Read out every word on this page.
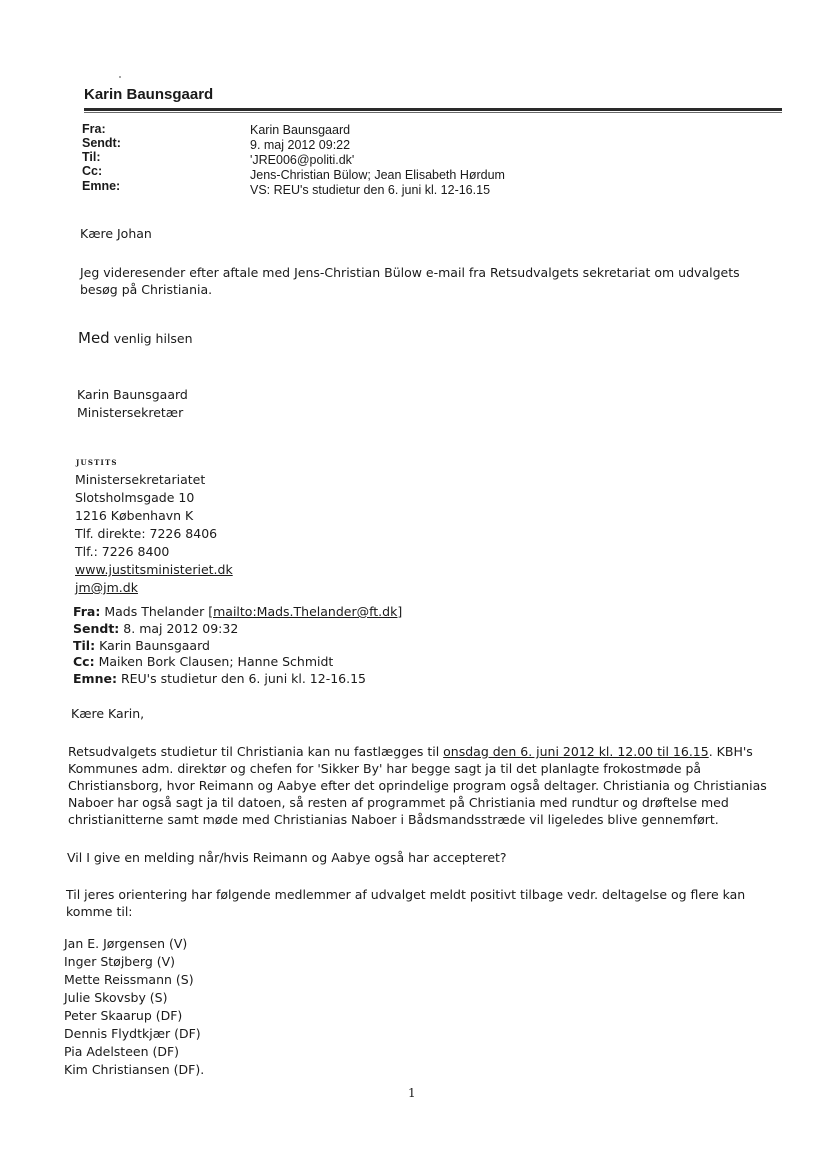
Karin Baunsgaard
Fra:	Karin Baunsgaard
Sendt:	9. maj 2012 09:22
Til:	'JRE006@politi.dk'
Cc:	Jens-Christian Bülow; Jean Elisabeth Hørdum
Emne:	VS: REU's studietur den 6. juni kl. 12-16.15
Kære Johan
Jeg videresender efter aftale med Jens-Christian Bülow e-mail fra Retsudvalgets sekretariat om udvalgets besøg på Christiania.
Med venlig hilsen
Karin Baunsgaard
Ministersekretær
JUSTITS
Ministersekretariatet
Slotsholmsgade 10
1216 København K
Tlf. direkte: 7226 8406
Tlf.: 7226 8400
www.justitsministeriet.dk
jm@jm.dk
Fra: Mads Thelander [mailto:Mads.Thelander@ft.dk]
Sendt: 8. maj 2012 09:32
Til: Karin Baunsgaard
Cc: Maiken Bork Clausen; Hanne Schmidt
Emne: REU's studietur den 6. juni kl. 12-16.15
Kære Karin,
Retsudvalgets studietur til Christiania kan nu fastlægges til onsdag den 6. juni 2012 kl. 12.00 til 16.15. KBH's Kommunes adm. direktør og chefen for 'Sikker By' har begge sagt ja til det planlagte frokostmøde på Christiansborg, hvor Reimann og Aabye efter det oprindelige program også deltager. Christiania og Christianias Naboer har også sagt ja til datoen, så resten af programmet på Christiania med rundtur og drøftelse med christianitterne samt møde med Christianias Naboer i Bådsmandsstræde vil ligeledes blive gennemført.
Vil I give en melding når/hvis Reimann og Aabye også har accepteret?
Til jeres orientering har følgende medlemmer af udvalget meldt positivt tilbage vedr. deltagelse og flere kan komme til:
Jan E. Jørgensen (V)
Inger Støjberg (V)
Mette Reissmann (S)
Julie Skovsby (S)
Peter Skaarup (DF)
Dennis Flydtkjær (DF)
Pia Adelsteen (DF)
Kim Christiansen (DF).
1
